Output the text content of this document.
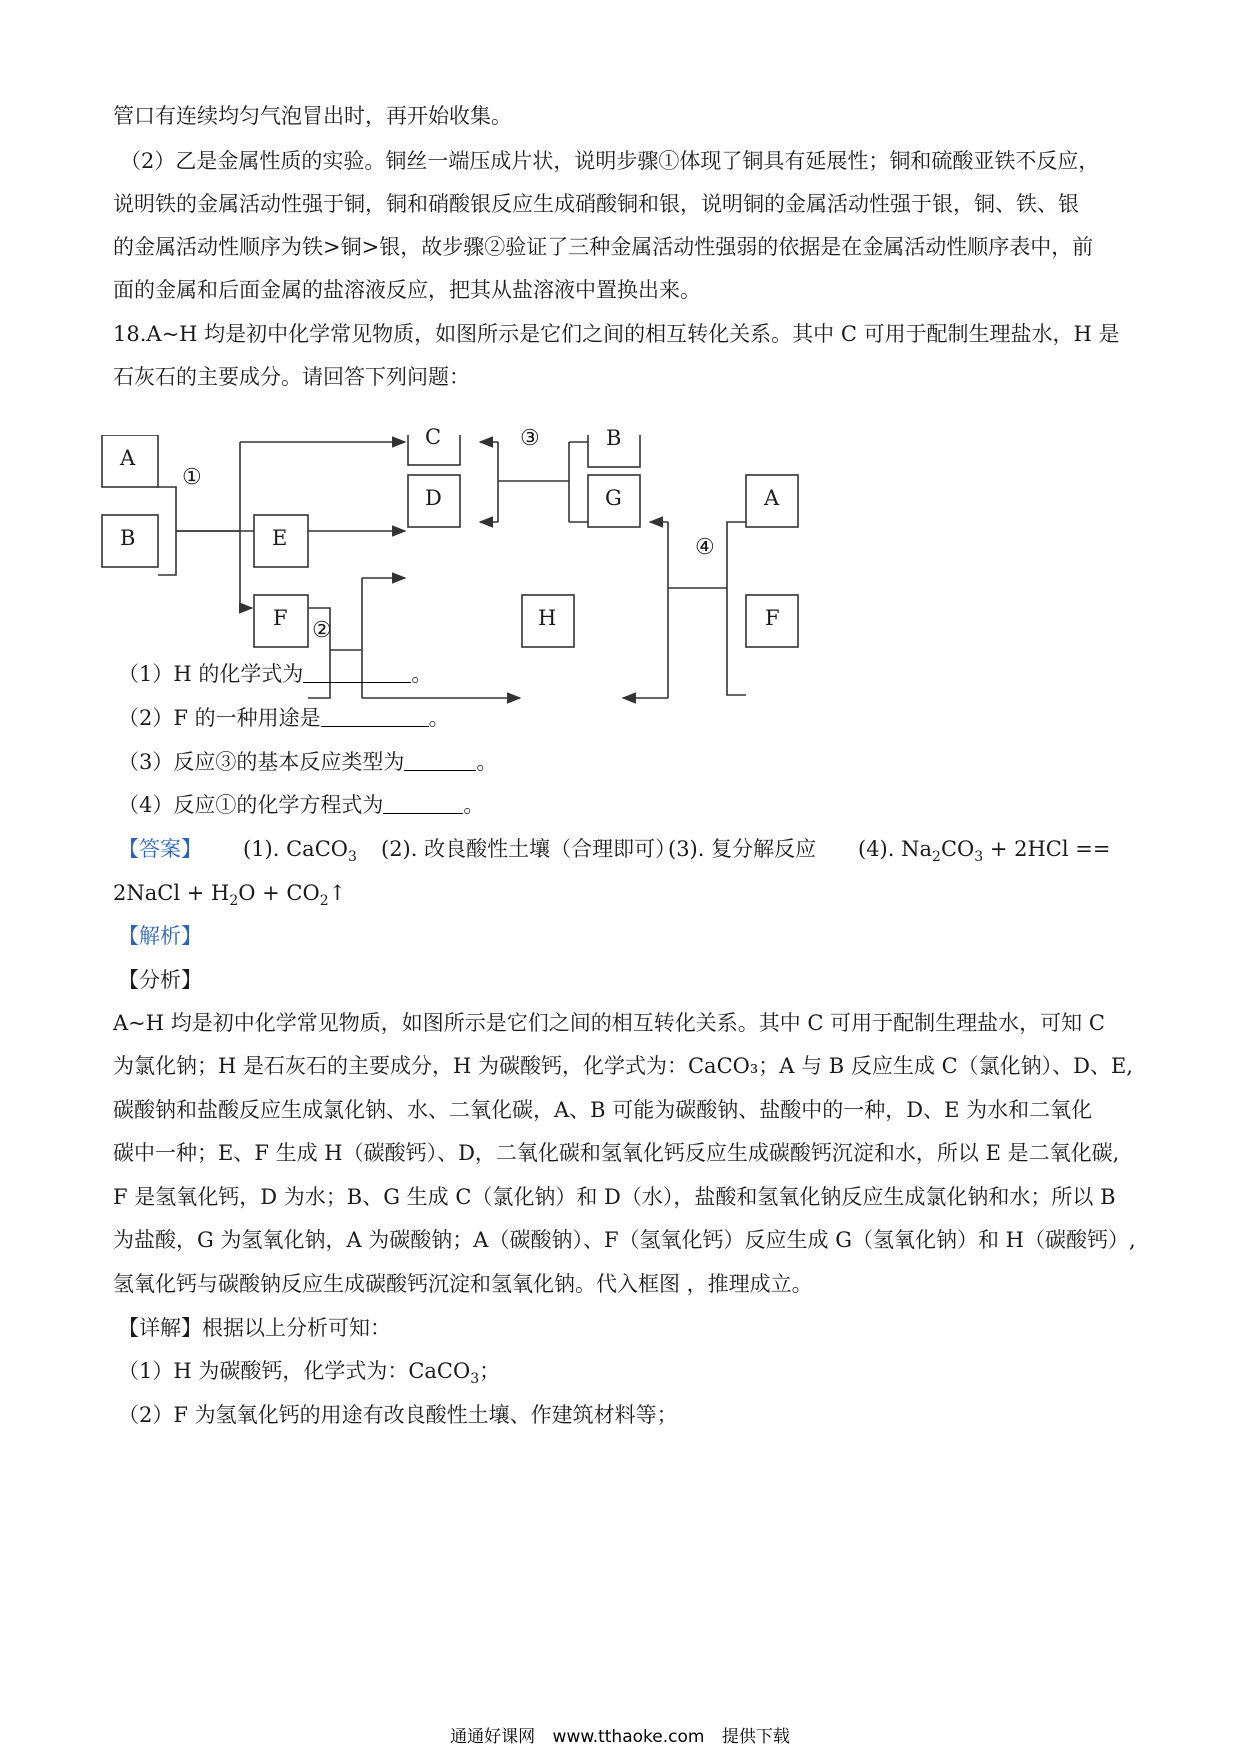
管口有连续均匀气泡冒出时，再开始收集。
（2）乙是金属性质的实验。铜丝一端压成片状，说明步骤①体现了铜具有延展性；铜和硫酸亚铁不反应，
说明铁的金属活动性强于铜，铜和硝酸银反应生成硝酸铜和银，说明铜的金属活动性强于银，铜、铁、银
的金属活动性顺序为铁>铜>银，故步骤②验证了三种金属活动性强弱的依据是在金属活动性顺序表中，前
面的金属和后面金属的盐溶液反应，把其从盐溶液中置换出来。
18.A~H 均是初中化学常见物质，如图所示是它们之间的相互转化关系。其中 C 可用于配制生理盐水，H 是
石灰石的主要成分。请回答下列问题：
A
B
C
D
E
F	H
B
G	A
F
①
②
③
④
（1）H 的化学式为	。
（2）F 的一种用途是	。
（3）反应③的基本反应类型为	。
（4）反应①的化学方程式为	。
【答案】 (1). CaCO$_3$ (2). 改良酸性土壤（合理即可）
(3). 复分解反应 (4). $Na_2CO_3 + 2HCl$ ==
2NaCl + $H_2O$ + $CO_2↑$
【解析】
【分析】
A~H 均是初中化学常见物质，如图所示是它们之间的相互转化关系。其中 C 可用于配制生理盐水，可知 C
为氯化钠；H 是石灰石的主要成分，H 为碳酸钙，化学式为：CaCO₃；A 与 B 反应生成 C（氯化钠）、D、E,
碳酸钠和盐酸反应生成氯化钠、水、二氧化碳，A、B 可能为碳酸钠、盐酸中的一种，D、E 为水和二氧化
碳中一种；E、F 生成 H（碳酸钙）、D，二氧化碳和氢氧化钙反应生成碳酸钙沉淀和水，所以 E 是二氧化碳,
F 是氢氧化钙，D 为水；B、G 生成 C（氯化钠）和 D（水），盐酸和氢氧化钠反应生成氯化钠和水；所以 B
为盐酸，G 为氢氧化钠，A 为碳酸钠；A（碳酸钠）、F（氢氧化钙）反应生成 G（氢氧化钠）和 H（碳酸钙）,
氢氧化钙与碳酸钠反应生成碳酸钙沉淀和氢氧化钠。代入框图 ，推理成立。
【详解】根据以上分析可知：
（1）H 为碳酸钙，化学式为：CaCO$_3$；
（2）F 为氢氧化钙的用途有改良酸性土壤、作建筑材料等；
通通好课网 www.tthaoke.com 提供下载
